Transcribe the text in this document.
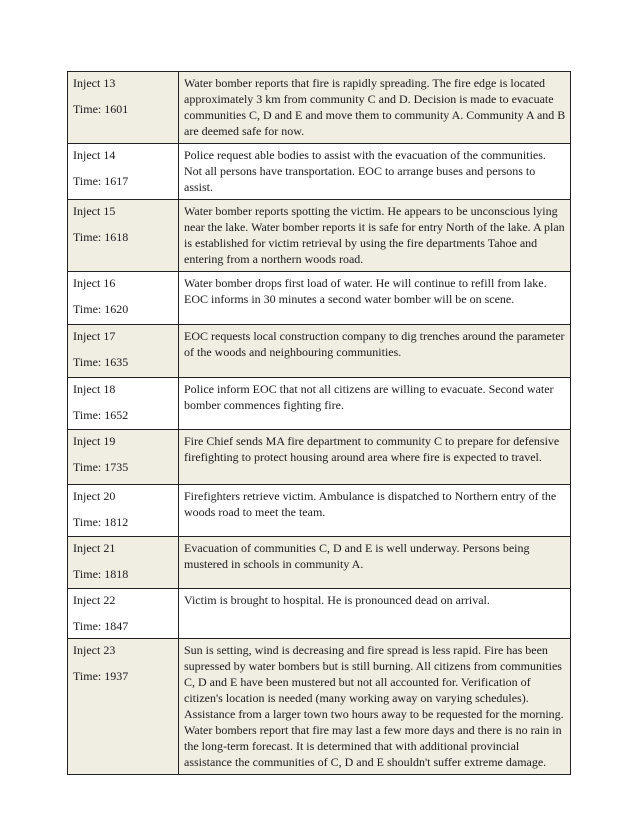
Inject 13
Time: 1601	Water bomber reports that fire is rapidly spreading. The fire edge is located approximately 3 km from community C and D. Decision is made to evacuate communities C, D and E and move them to community A. Community A and B are deemed safe for now.

Inject 14
Time: 1617	Police request able bodies to assist with the evacuation of the communities. Not all persons have transportation. EOC to arrange buses and persons to assist.

Inject 15
Time: 1618	Water bomber reports spotting the victim. He appears to be unconscious lying near the lake. Water bomber reports it is safe for entry North of the lake. A plan is established for victim retrieval by using the fire departments Tahoe and entering from a northern woods road.

Inject 16
Time: 1620	Water bomber drops first load of water. He will continue to refill from lake. EOC informs in 30 minutes a second water bomber will be on scene.

Inject 17
Time: 1635	EOC requests local construction company to dig trenches around the parameter of the woods and neighbouring communities.

Inject 18
Time: 1652	Police inform EOC that not all citizens are willing to evacuate. Second water bomber commences fighting fire.

Inject 19
Time: 1735	Fire Chief sends MA fire department to community C to prepare for defensive firefighting to protect housing around area where fire is expected to travel.

Inject 20
Time: 1812	Firefighters retrieve victim. Ambulance is dispatched to Northern entry of the woods road to meet the team.

Inject 21
Time: 1818	Evacuation of communities C, D and E is well underway. Persons being mustered in schools in community A.

Inject 22
Time: 1847	Victim is brought to hospital. He is pronounced dead on arrival.

Inject 23
Time: 1937	Sun is setting, wind is decreasing and fire spread is less rapid. Fire has been supressed by water bombers but is still burning. All citizens from communities C, D and E have been mustered but not all accounted for. Verification of citizen's location is needed (many working away on varying schedules). Assistance from a larger town two hours away to be requested for the morning. Water bombers report that fire may last a few more days and there is no rain in the long-term forecast. It is determined that with additional provincial assistance the communities of C, D and E shouldn't suffer extreme damage.
